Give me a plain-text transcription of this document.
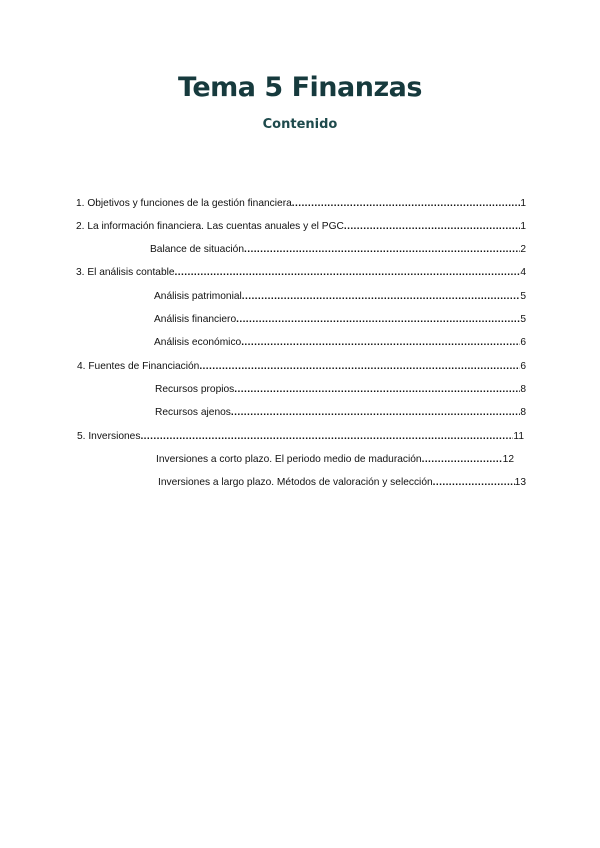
Tema 5 Finanzas
Contenido
1. Objetivos y funciones de la gestión financiera .....	1
2. La información financiera. Las cuentas anuales y el PGC .....	1
Balance de situación .....	2
3. El análisis contable .....	4
Análisis patrimonial .....	5
Análisis financiero .....	5
Análisis económico .....	6
4. Fuentes de Financiación .....	6
Recursos propios .....	8
Recursos ajenos .....	8
5. Inversiones .....	11
Inversiones a corto plazo. El periodo medio de maduración .....	12
Inversiones a largo plazo. Métodos de valoración y selección .....	13
